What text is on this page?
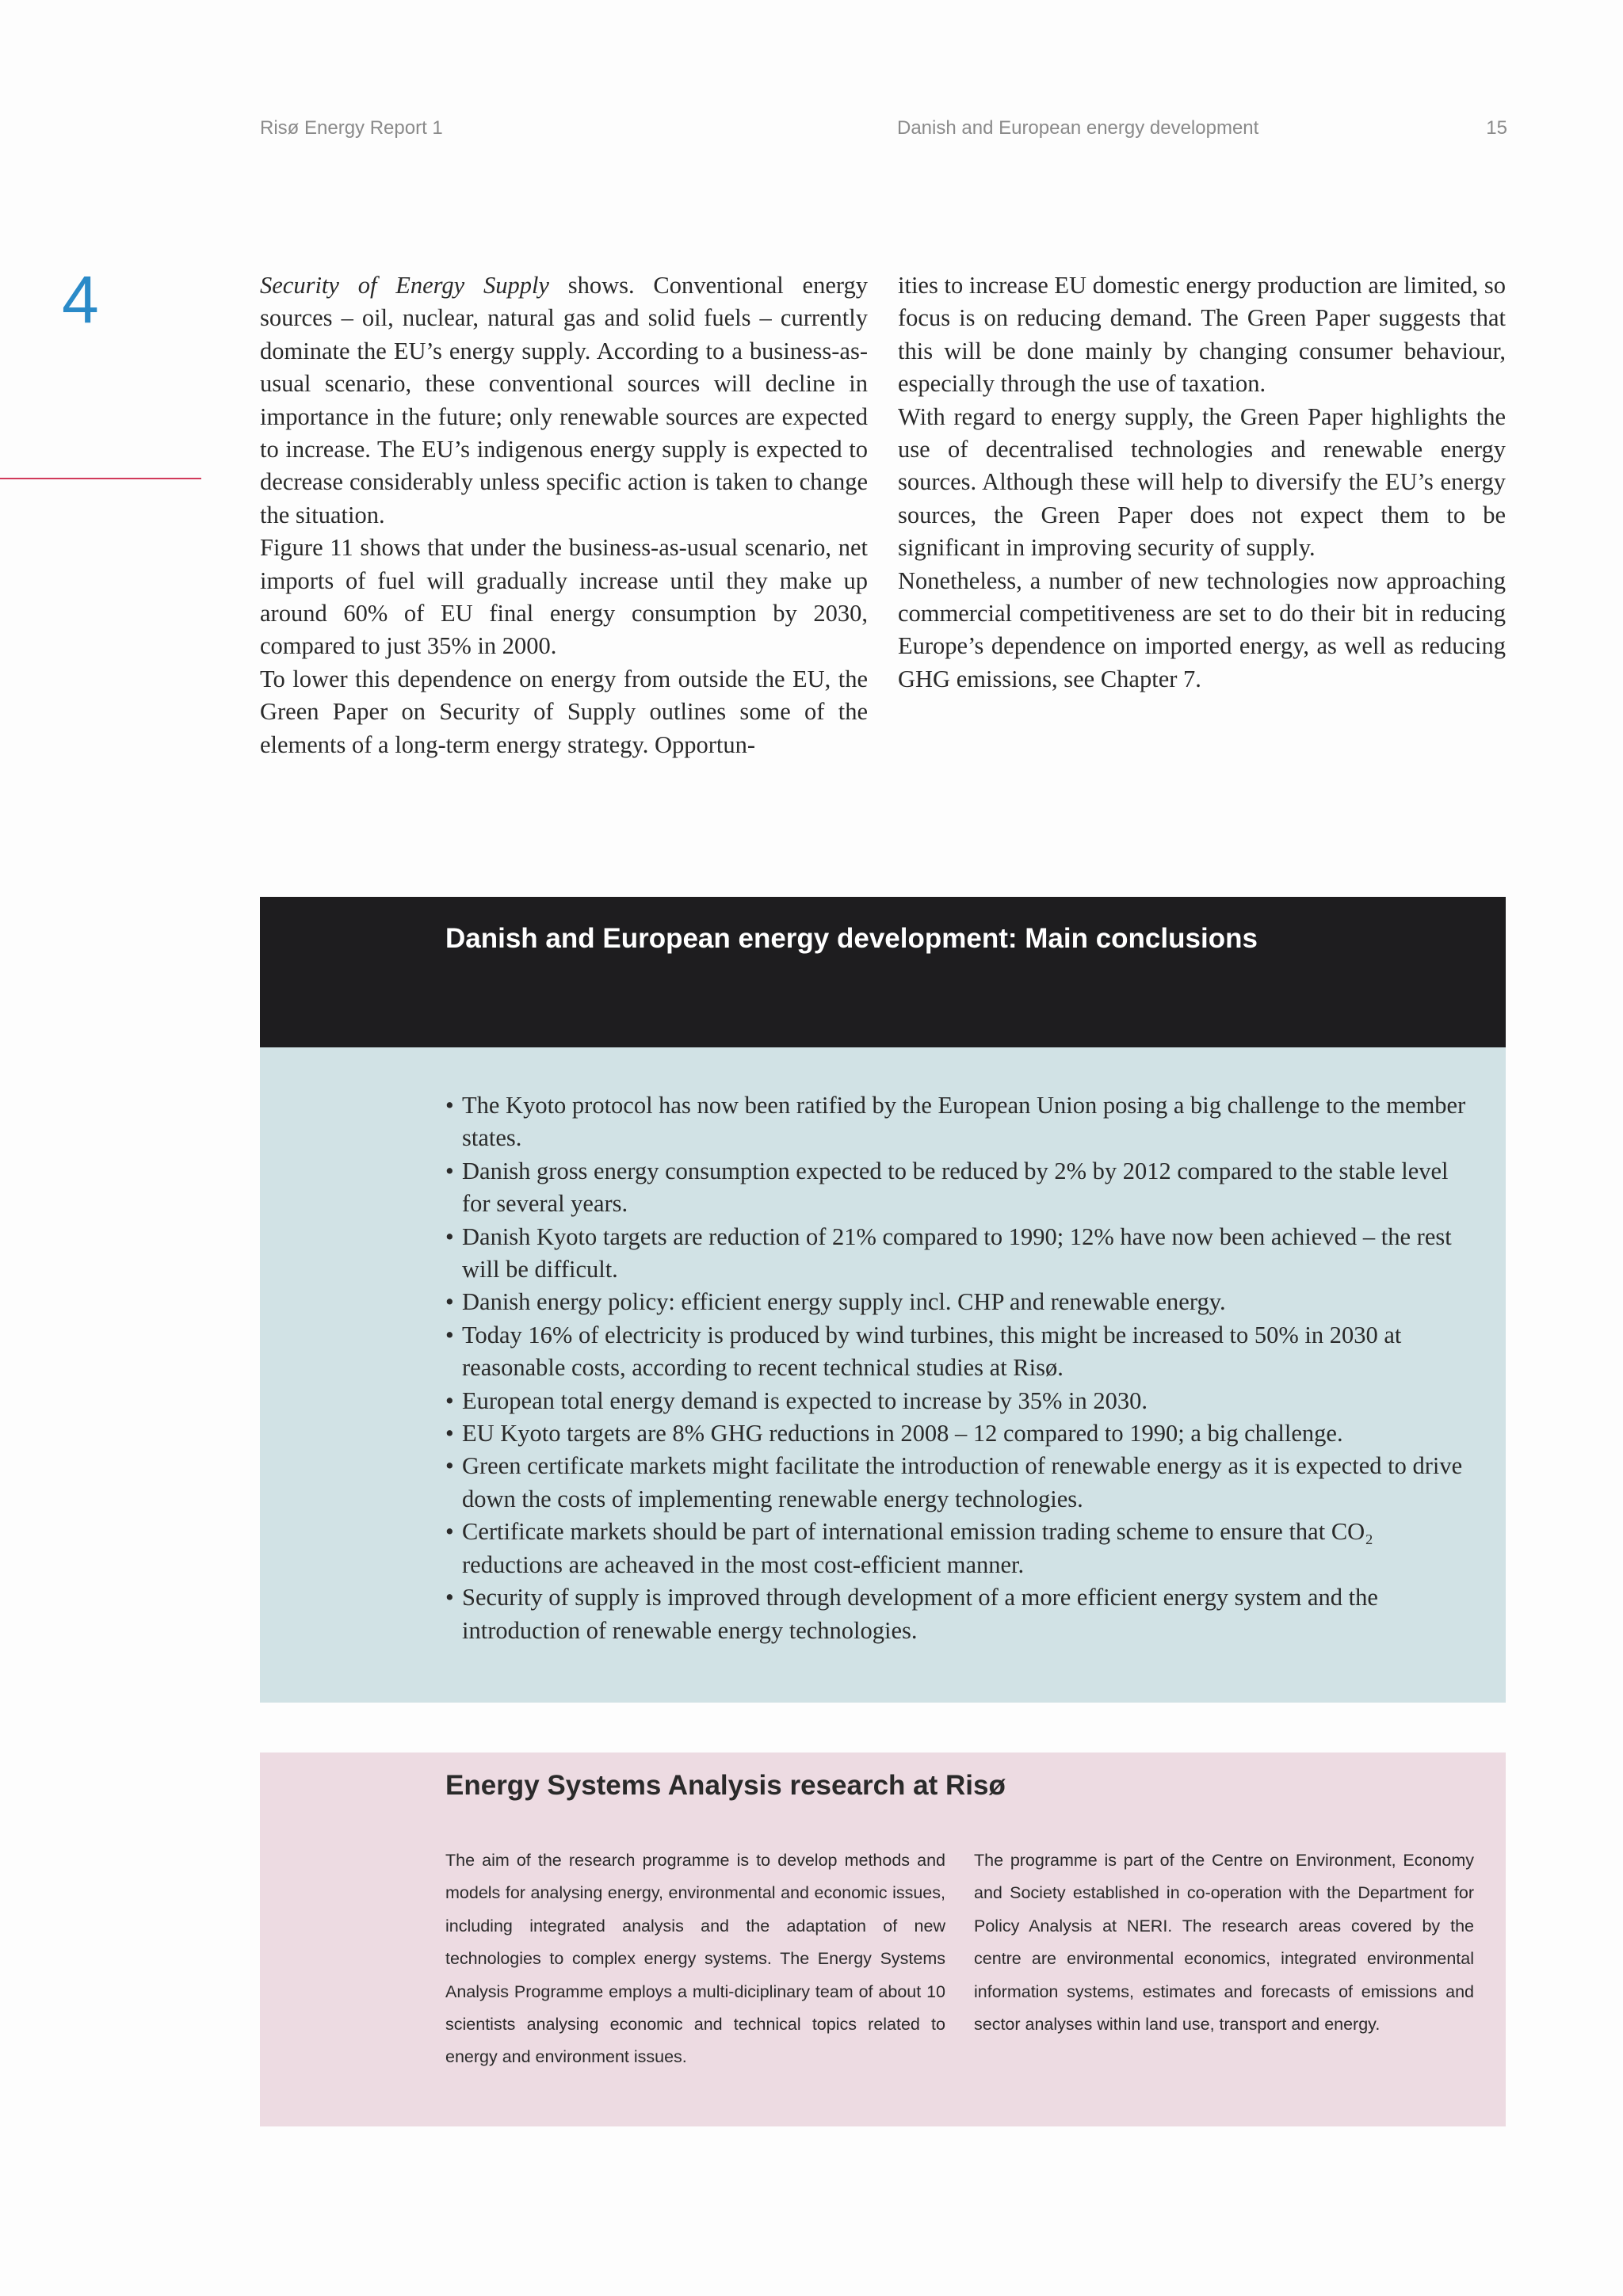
Risø Energy Report 1	Danish and European energy development	15
4	Security of Energy Supply shows. Conventional energy sources – oil, nuclear, natural gas and solid fuels – currently dominate the EU’s energy supply. According to a business-as-usual scenario, these conventional sources will decline in importance in the future; only renewable sources are expected to increase. The EU’s indigenous energy supply is expected to decrease considerably unless specific action is taken to change the situation.

Figure 11 shows that under the business-as-usual scenario, net imports of fuel will gradually increase until they make up around 60% of EU final energy consumption by 2030, compared to just 35% in 2000.

To lower this dependence on energy from outside the EU, the Green Paper on Security of Supply outlines some of the elements of a long-term energy strategy. Opportun-

ities to increase EU domestic energy production are limited, so focus is on reducing demand. The Green Paper suggests that this will be done mainly by changing consumer behaviour, especially through the use of taxation.

With regard to energy supply, the Green Paper highlights the use of decentralised technologies and renewable energy sources. Although these will help to diversify the EU’s energy sources, the Green Paper does not expect them to be significant in improving security of supply.

Nonetheless, a number of new technologies now approaching commercial competitiveness are set to do their bit in reducing Europe’s dependence on imported energy, as well as reducing GHG emissions, see Chapter 7.

Danish and European energy development: Main conclusions
• The Kyoto protocol has now been ratified by the European Union posing a big challenge to the member states.
• Danish gross energy consumption expected to be reduced by 2% by 2012 compared to the stable level for several years.
• Danish Kyoto targets are reduction of 21% compared to 1990; 12% have now been achieved – the rest will be difficult.
• Danish energy policy: efficient energy supply incl. CHP and renewable energy.
• Today 16% of electricity is produced by wind turbines, this might be increased to 50% in 2030 at reasonable costs, according to recent technical studies at Risø.
• European total energy demand is expected to increase by 35% in 2030.
• EU Kyoto targets are 8% GHG reductions in 2008 – 12 compared to 1990; a big challenge.
• Green certificate markets might facilitate the introduction of renewable energy as it is expected to drive down the costs of implementing renewable energy technologies.
• Certificate markets should be part of international emission trading scheme to ensure that CO₂ reductions are acheaved in the most cost-efficient manner.
• Security of supply is improved through development of a more efficient energy system and the introduction of renewable energy technologies.
Energy Systems Analysis research at Risø
The aim of the research programme is to develop methods and models for analysing energy, environmental and economic issues, including integrated analysis and the adaptation of new technologies to complex energy systems. The Energy Systems Analysis Programme employs a multi-diciplinary team of about 10 scientists analysing economic and technical topics related to energy and environment issues.
The programme is part of the Centre on Environment, Economy and Society established in co-operation with the Department for Policy Analysis at NERI. The research areas covered by the centre are environmental economics, integrated environmental information systems, estimates and forecasts of emissions and sector analyses within land use, transport and energy.
